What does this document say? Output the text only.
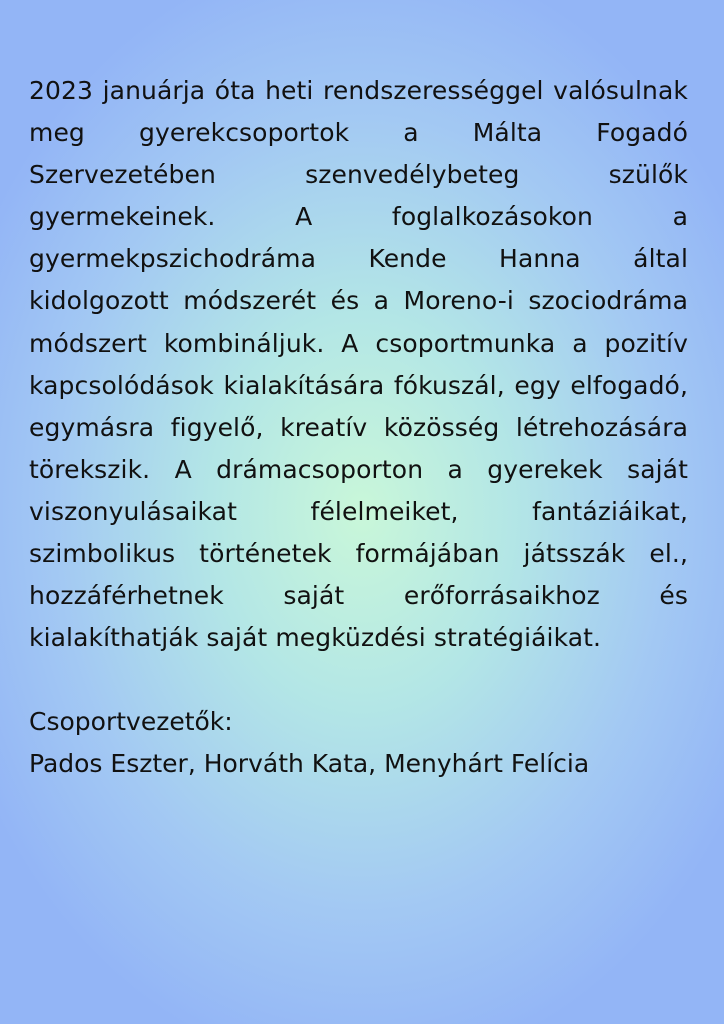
2023 januárja óta heti rendszerességgel valósulnak meg gyerekcsoportok a Málta Fogadó Szervezetében szenvedélybeteg szülők gyermekeinek. A foglalkozásokon a gyermekpszichodráma Kende Hanna által kidolgozott módszerét és a Moreno-i szociodráma módszert kombináljuk. A csoportmunka a pozitív kapcsolódások kialakítására fókuszál, egy elfogadó, egymásra figyelő, kreatív közösség létrehozására törekszik. A drámacsoporton a gyerekek saját viszonyulásaikat félelmeiket, fantáziáikat, szimbolikus történetek formájában játsszák el., hozzáférhetnek saját erőforrásaikhoz és kialakíthatják saját megküzdési stratégiáikat.

Csoportvezetők:

Pados Eszter, Horváth Kata, Menyhárt Felícia
